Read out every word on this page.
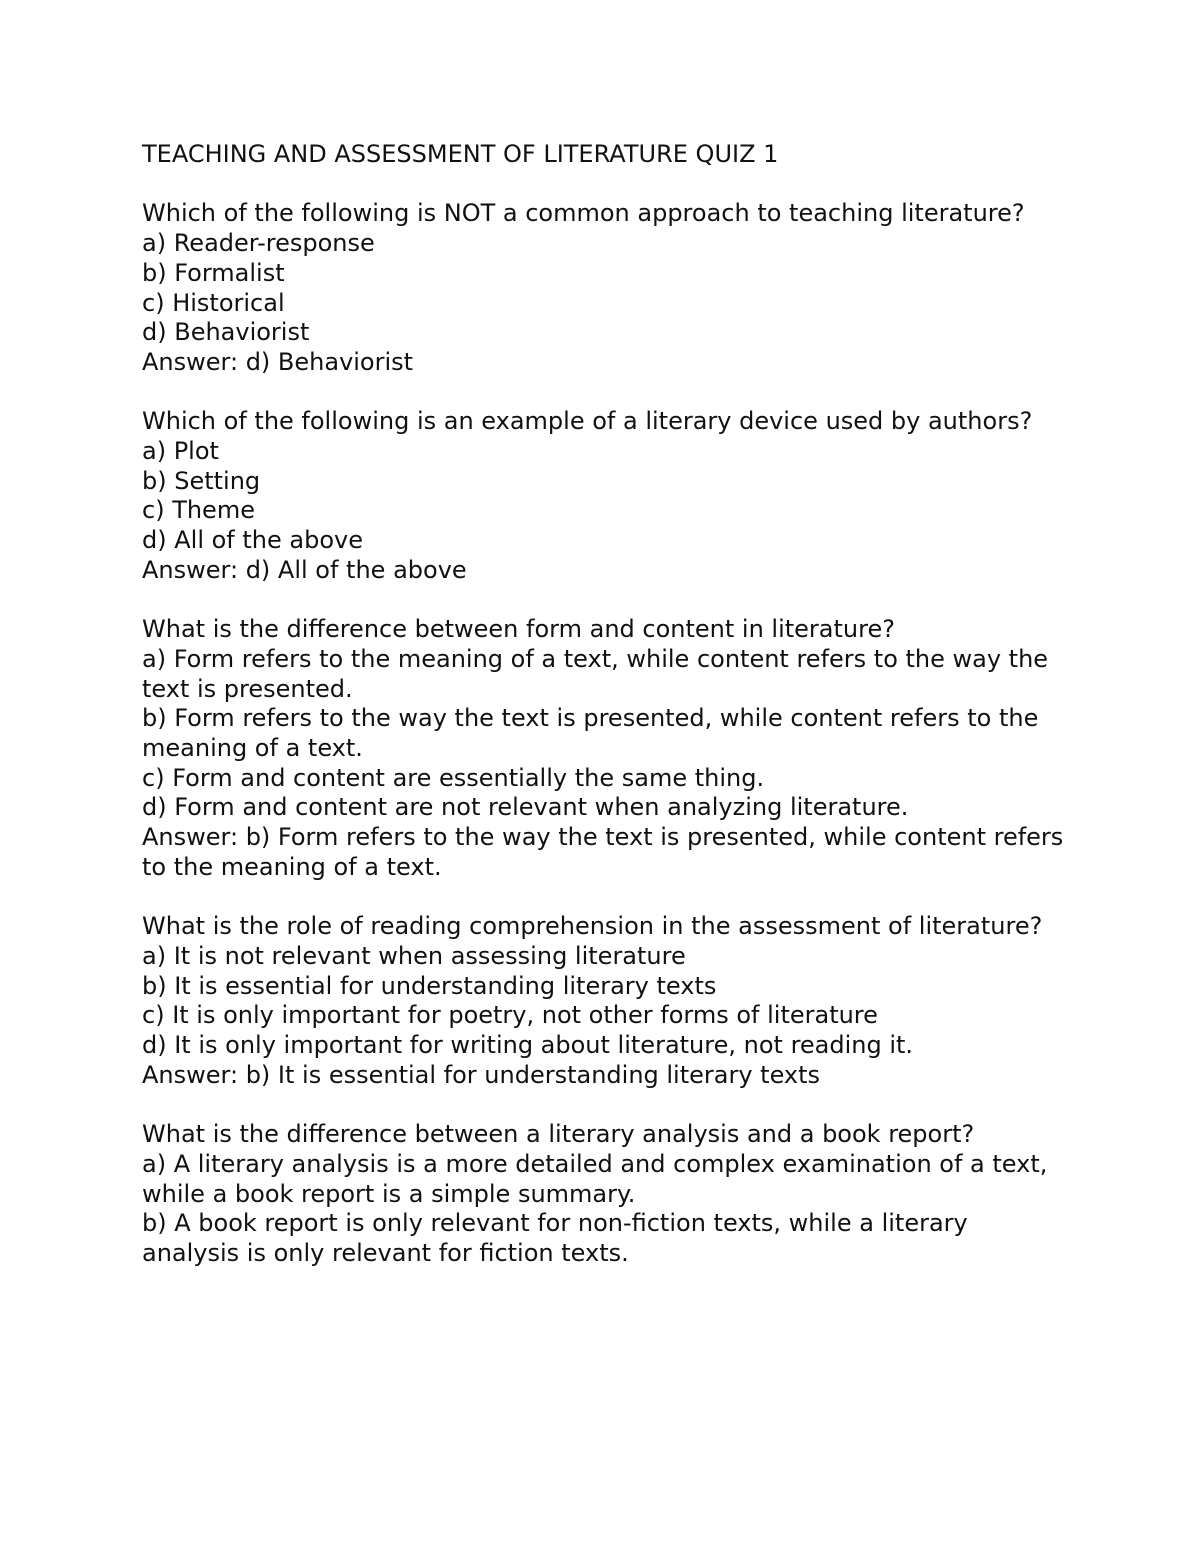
TEACHING AND ASSESSMENT OF LITERATURE QUIZ 1
Which of the following is NOT a common approach to teaching literature?
a) Reader-response
b) Formalist
c) Historical
d) Behaviorist
Answer: d) Behaviorist
Which of the following is an example of a literary device used by authors?
a) Plot
b) Setting
c) Theme
d) All of the above
Answer: d) All of the above
What is the difference between form and content in literature?
a) Form refers to the meaning of a text, while content refers to the way the text is presented.
b) Form refers to the way the text is presented, while content refers to the meaning of a text.
c) Form and content are essentially the same thing.
d) Form and content are not relevant when analyzing literature.
Answer: b) Form refers to the way the text is presented, while content refers to the meaning of a text.
What is the role of reading comprehension in the assessment of literature?
a) It is not relevant when assessing literature
b) It is essential for understanding literary texts
c) It is only important for poetry, not other forms of literature
d) It is only important for writing about literature, not reading it.
Answer: b) It is essential for understanding literary texts
What is the difference between a literary analysis and a book report?
a) A literary analysis is a more detailed and complex examination of a text, while a book report is a simple summary.
b) A book report is only relevant for non-fiction texts, while a literary analysis is only relevant for fiction texts.
